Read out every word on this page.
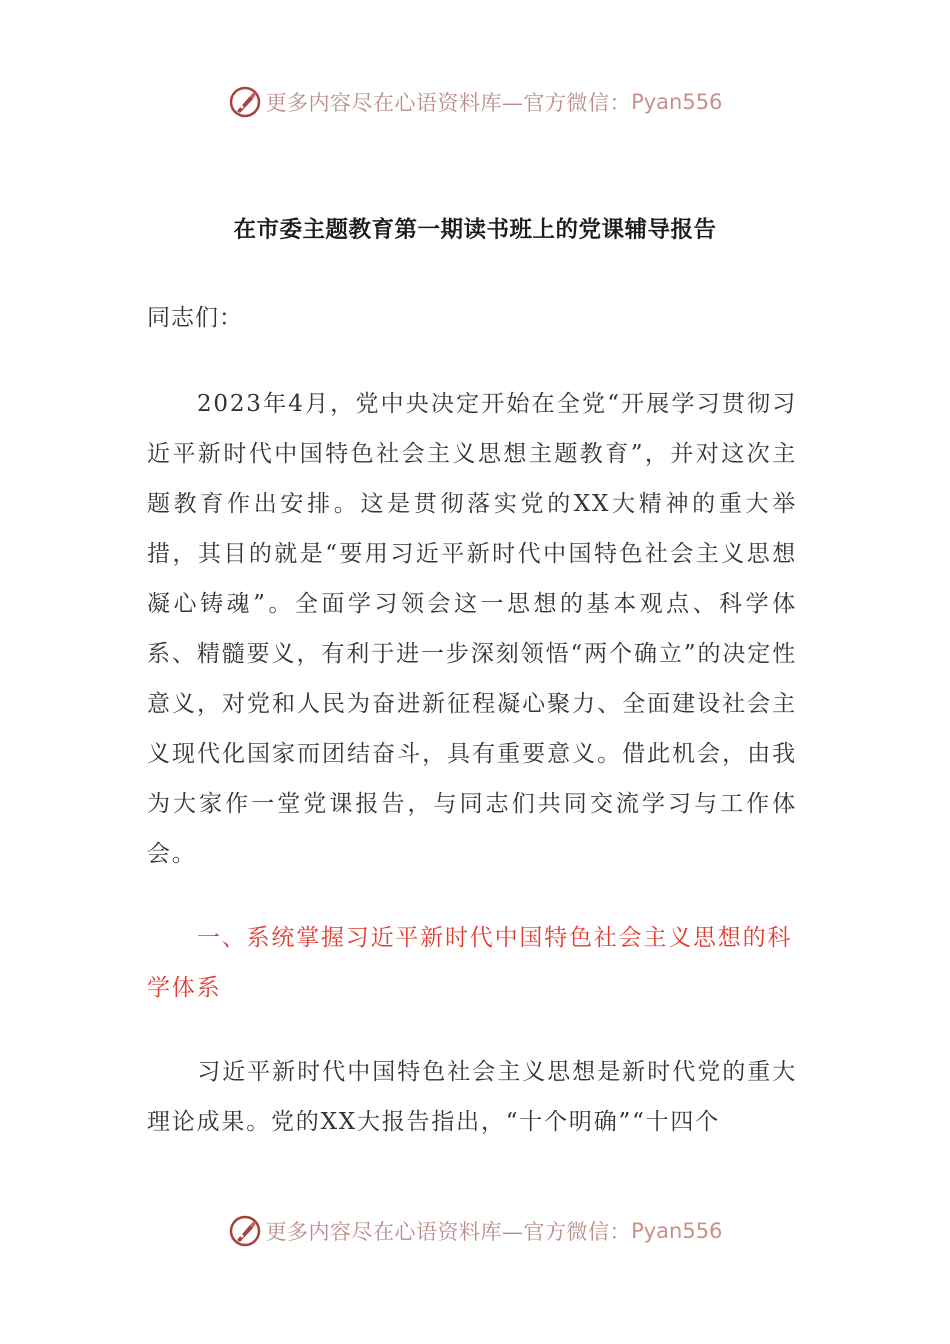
更多内容尽在心语资料库—官方微信： Pyan556
在市委主题教育第一期读书班上的党课辅导报告
同志们：
2023年4月，党中央决定开始在全党“开展学习贯彻习近平新时代中国特色社会主义思想主题教育”，并对这次主题教育作出安排。这是贯彻落实党的XX大精神的重大举措，其目的就是“要用习近平新时代中国特色社会主义思想凝心铸魂”。全面学习领会这一思想的基本观点、科学体系、精髓要义，有利于进一步深刻领悟“两个确立”的决定性意义，对党和人民为奋进新征程凝心聚力、全面建设社会主义现代化国家而团结奋斗，具有重要意义。借此机会，由我为大家作一堂党课报告，与同志们共同交流学习与工作体会。
一、系统掌握习近平新时代中国特色社会主义思想的科学体系
习近平新时代中国特色社会主义思想是新时代党的重大理论成果。党的XX大报告指出，“十个明确”“十四个
更多内容尽在心语资料库—官方微信： Pyan556
